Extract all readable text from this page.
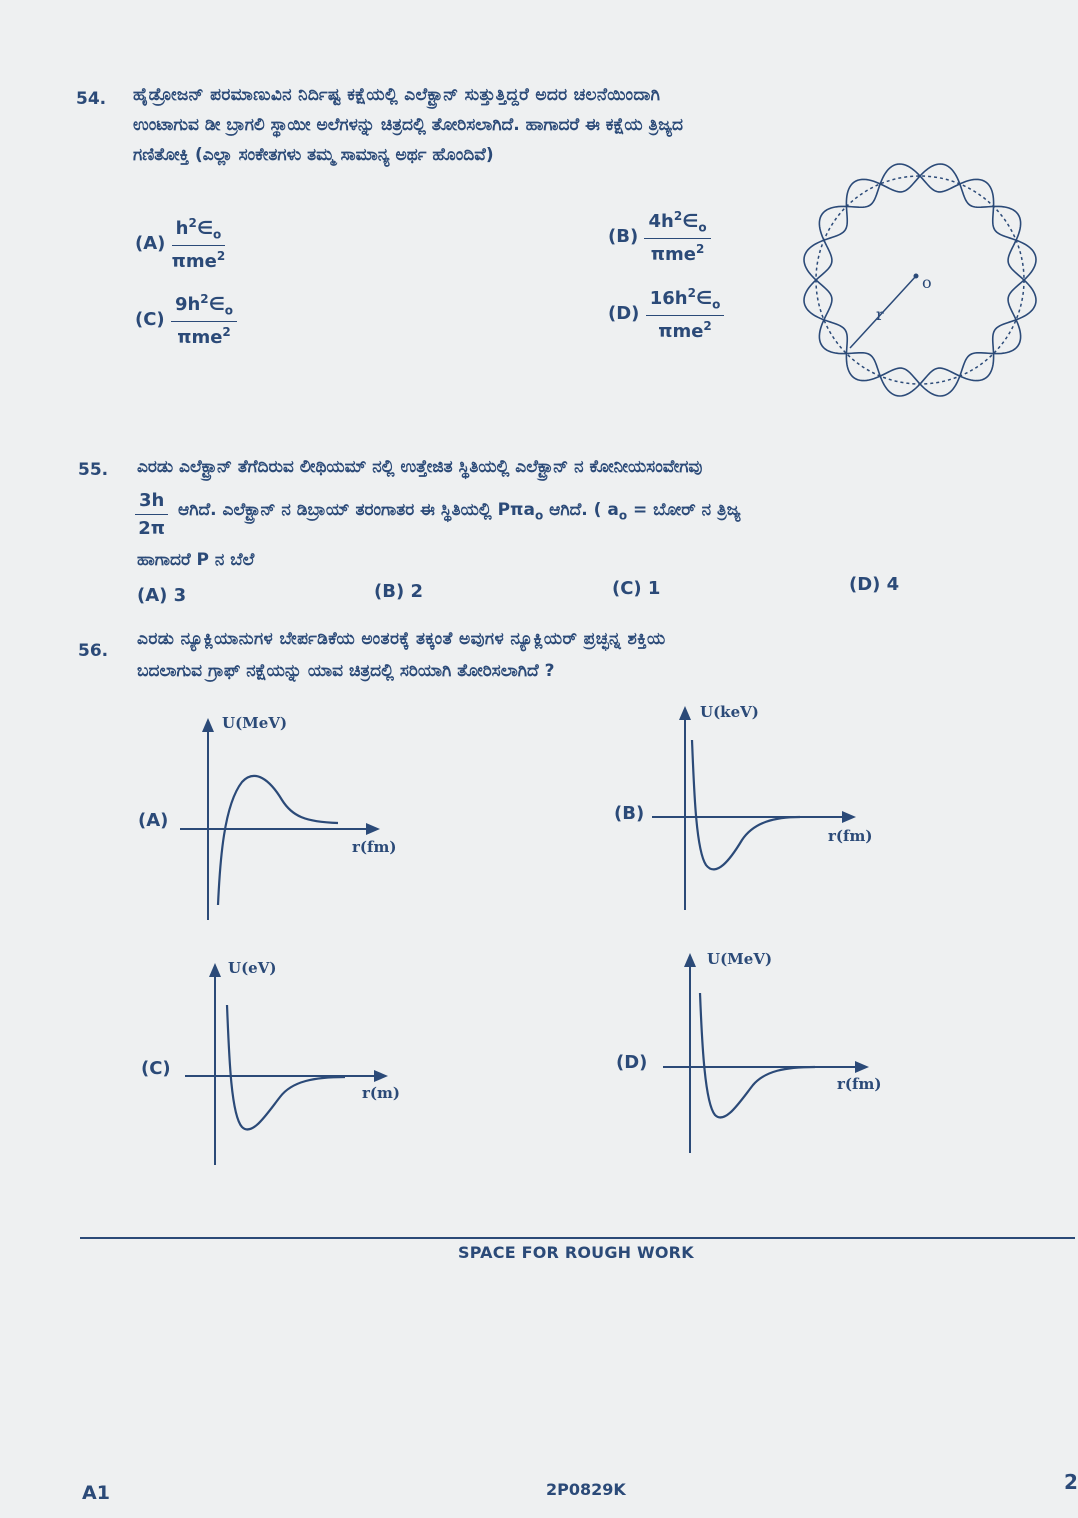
54. ಹೈಡ್ರೋಜನ್ ಪರಮಾಣುವಿನ ನಿರ್ದಿಷ್ಟ ಕಕ್ಷೆಯಲ್ಲಿ ಎಲೆಕ್ಟ್ರಾನ್ ಸುತ್ತುತ್ತಿದ್ದರೆ ಅದರ ಚಲನೆಯಿಂದಾಗಿ
ಉಂಟಾಗುವ ಡೀ ಬ್ರಾಗಲಿ ಸ್ಥಾಯೀ ಅಲೆಗಳನ್ನು ಚಿತ್ರದಲ್ಲಿ ತೋರಿಸಲಾಗಿದೆ. ಹಾಗಾದರೆ ಈ ಕಕ್ಷೆಯ ತ್ರಿಜ್ಯದ
ಗಣಿತೋಕ್ತಿ (ಎಲ್ಲಾ ಸಂಕೇತಗಳು ತಮ್ಮ ಸಾಮಾನ್ಯ ಅರ್ಥ ಹೊಂದಿವೆ)
$(A) \frac{h^2\in_o}{\pi me^2}$	$(B) \frac{4h^2\in_o}{\pi me^2}$
$(C) \frac{9h^2\in_o}{\pi me^2}$	$(D) \frac{16h^2\in_o}{\pi me^2}$
o
r
55. ಎರಡು ಎಲೆಕ್ಟ್ರಾನ್ ತೆಗೆದಿರುವ ಲೀಥಿಯಮ್ ನಲ್ಲಿ ಉತ್ತೇಜಿತ ಸ್ಥಿತಿಯಲ್ಲಿ ಎಲೆಕ್ಟ್ರಾನ್ ನ ಕೋನೀಯಸಂವೇಗವು
$\frac{3h}{2\pi}$ ಆಗಿದೆ. ಎಲೆಕ್ಟ್ರಾನ್ ನ ಡಿಬ್ರಾಯ್ ತರಂಗಾತರ ಈ ಸ್ಥಿತಿಯಲ್ಲಿ Pπa$_o$ ಆಗಿದೆ. ( $a_o$ = ಬೋರ್ ನ ತ್ರಿಜ್ಯ
ಹಾಗಾದರೆ P ನ ಬೆಲೆ
(A) 3	(B) 2	(C) 1	(D) 4
56.
ಎರಡು ನ್ಯೂಕ್ಲಿಯಾನುಗಳ ಬೇರ್ಪಡಿಕೆಯ ಅಂತರಕ್ಕೆ ತಕ್ಕಂತೆ ಅವುಗಳ ನ್ಯೂಕ್ಲಿಯರ್ ಪ್ರಚ್ಛನ್ನ ಶಕ್ತಿಯ
ಬದಲಾಗುವ ಗ್ರಾಫ್ ನಕ್ಷೆಯನ್ನು ಯಾವ ಚಿತ್ರದಲ್ಲಿ ಸರಿಯಾಗಿ ತೋರಿಸಲಾಗಿದೆ ?
(A)
U(MeV)
r(fm)
(B)
U(keV)
r(fm)
(C)
U(eV)
r(m)
(D)
U(MeV)
r(fm)
SPACE FOR ROUGH WORK
A1	2P0829K	2
